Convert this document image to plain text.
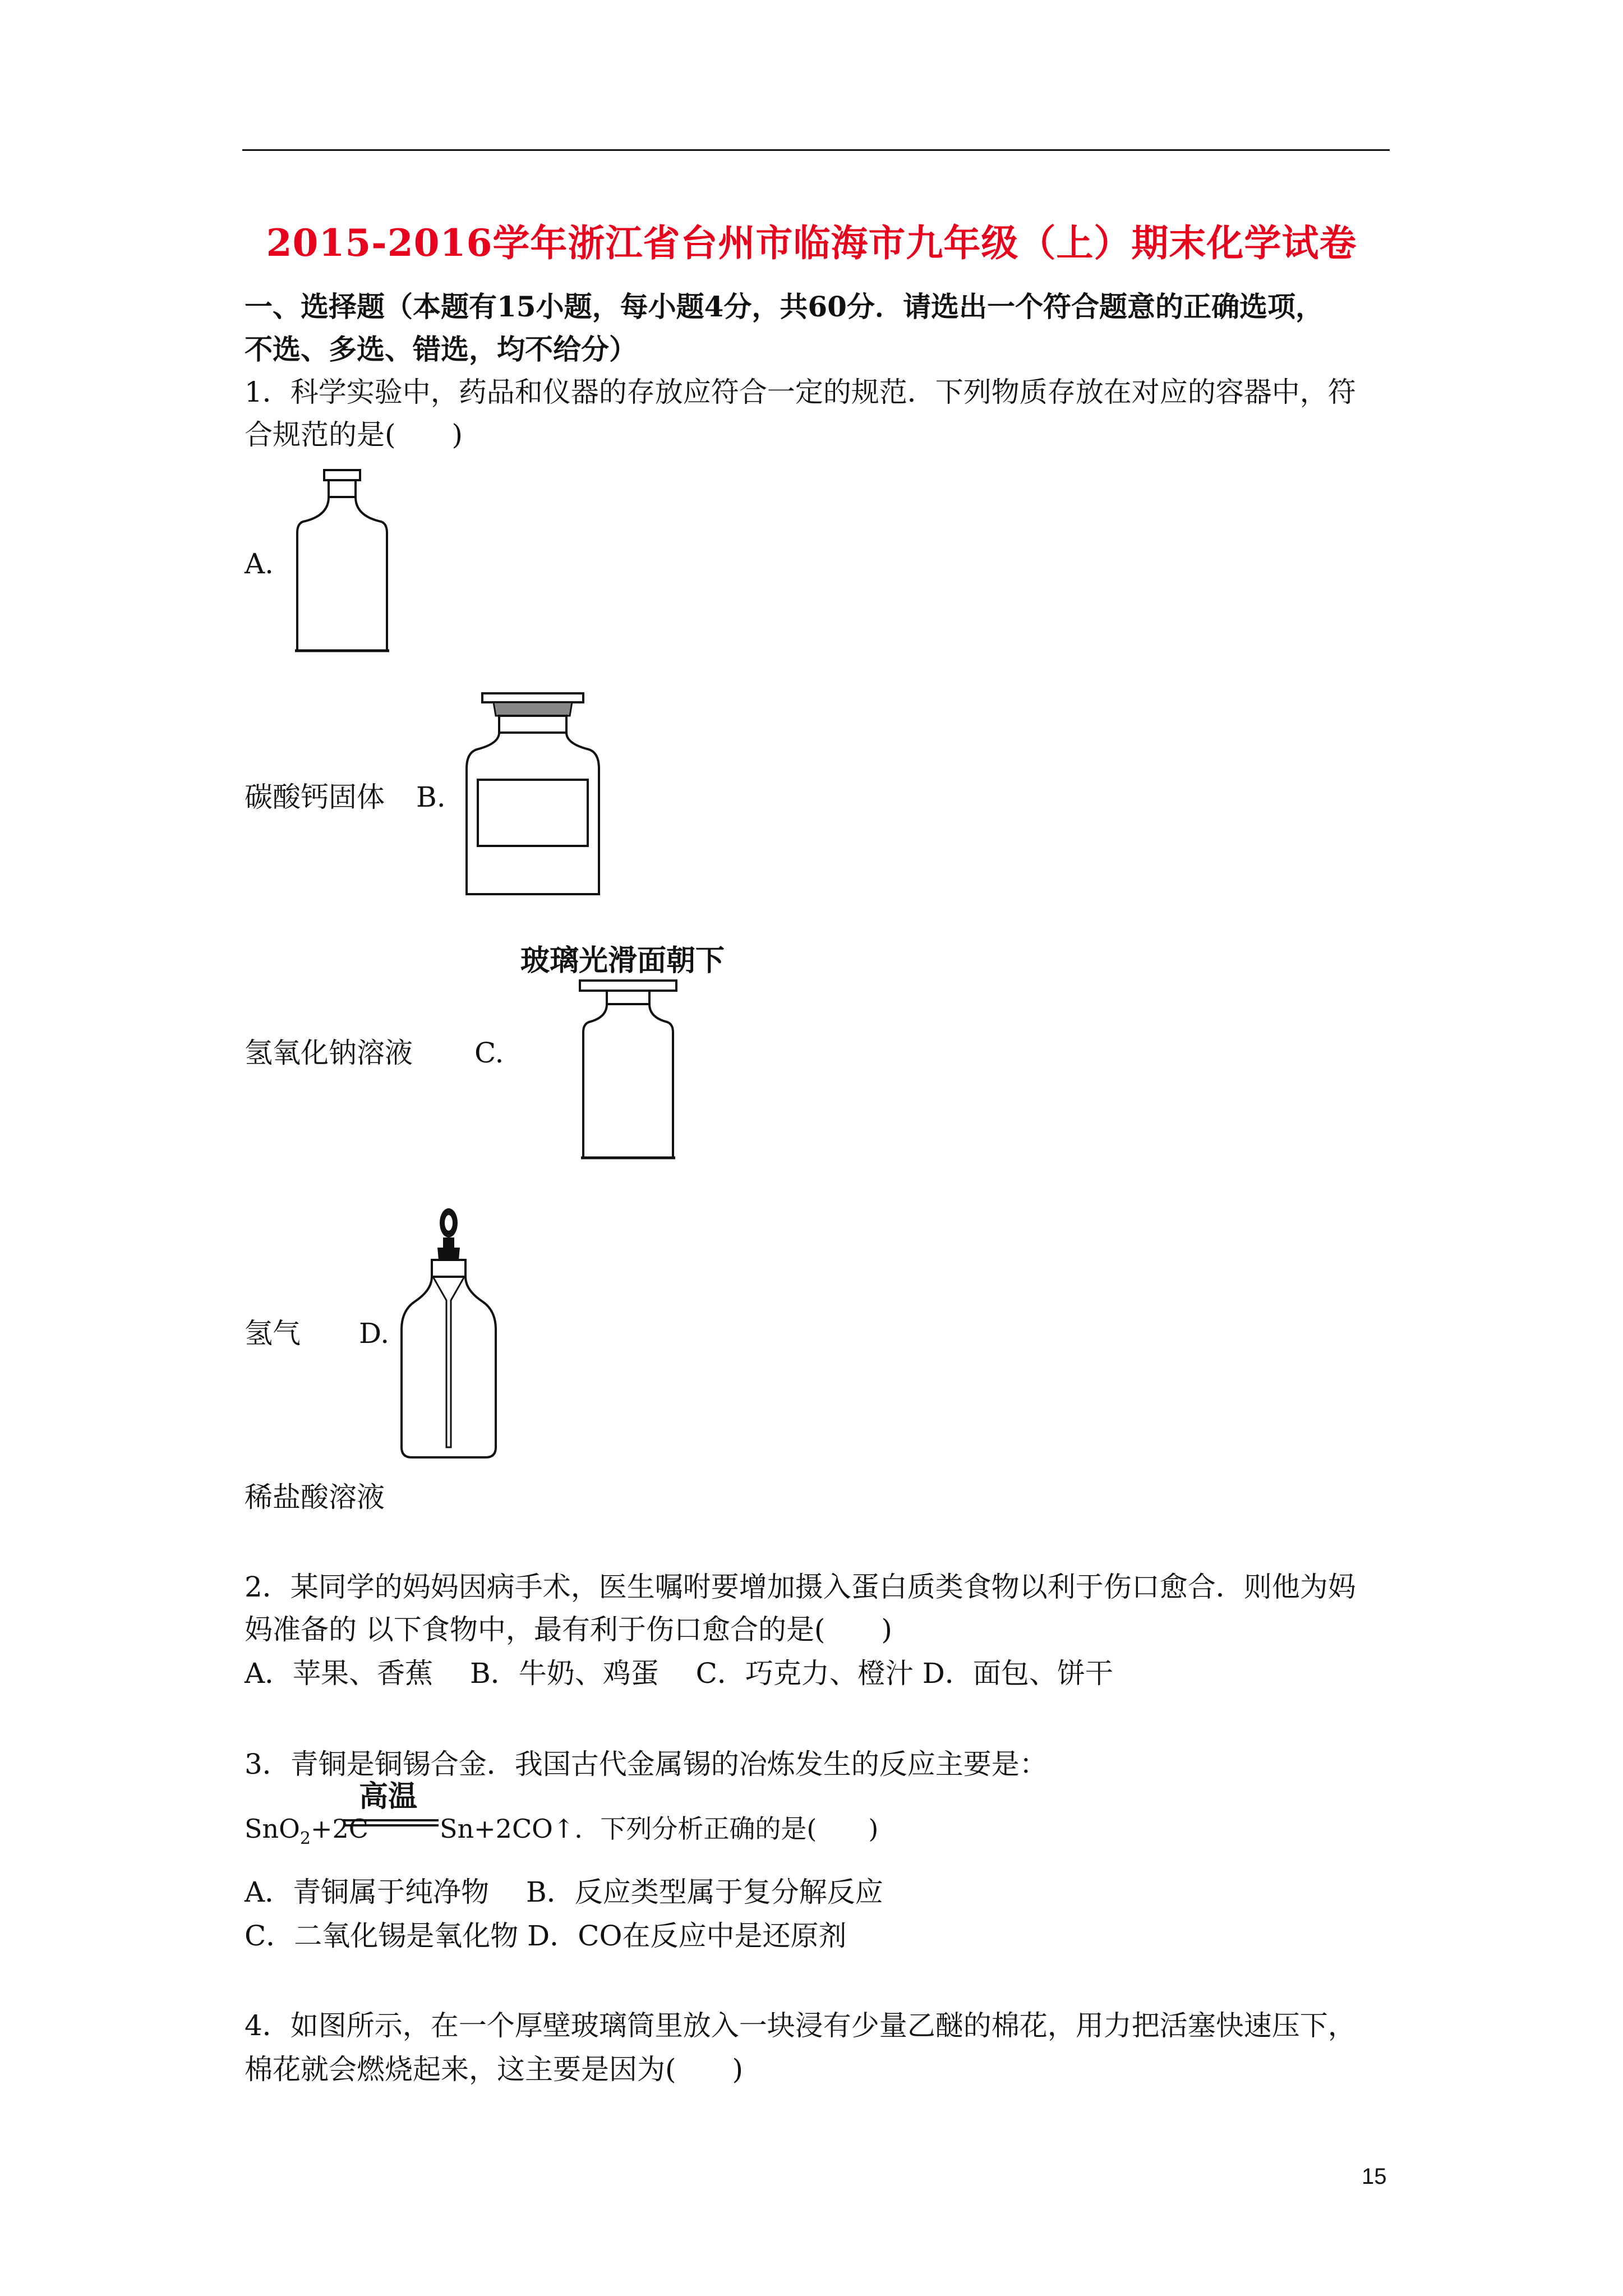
2015-2016学年浙江省台州市临海市九年级（上）期末化学试卷
一、选择题（本题有15小题，每小题4分，共60分．请选出一个符合题意的正确选项，
不选、多选、错选，均不给分）
1．科学实验中，药品和仪器的存放应符合一定的规范．下列物质存放在对应的容器中，符
合规范的是(　　)
A.
碳酸钙固体 B.
玻璃光滑面朝下
氢氧化钠溶液 C.
氢气 D.
稀盐酸溶液
2．某同学的妈妈因病手术，医生嘱咐要增加摄入蛋白质类食物以利于伤口愈合．则他为妈
妈准备的 以下食物中，最有利于伤口愈合的是(　　)
A．苹果、香蕉　 B．牛奶、鸡蛋　 C．巧克力、橙汁 D．面包、饼干
3．青铜是铜锡合金．我国古代金属锡的冶炼发生的反应主要是：
SnO$_2$+2C
高温
Sn+2CO↑．下列分析正确的是(　　)
A．青铜属于纯净物　 B．反应类型属于复分解反应
C．二氧化锡是氧化物 D．CO在反应中是还原剂
4．如图所示，在一个厚壁玻璃筒里放入一块浸有少量乙醚的棉花，用力把活塞快速压下，
棉花就会燃烧起来，这主要是因为(　　)
15
